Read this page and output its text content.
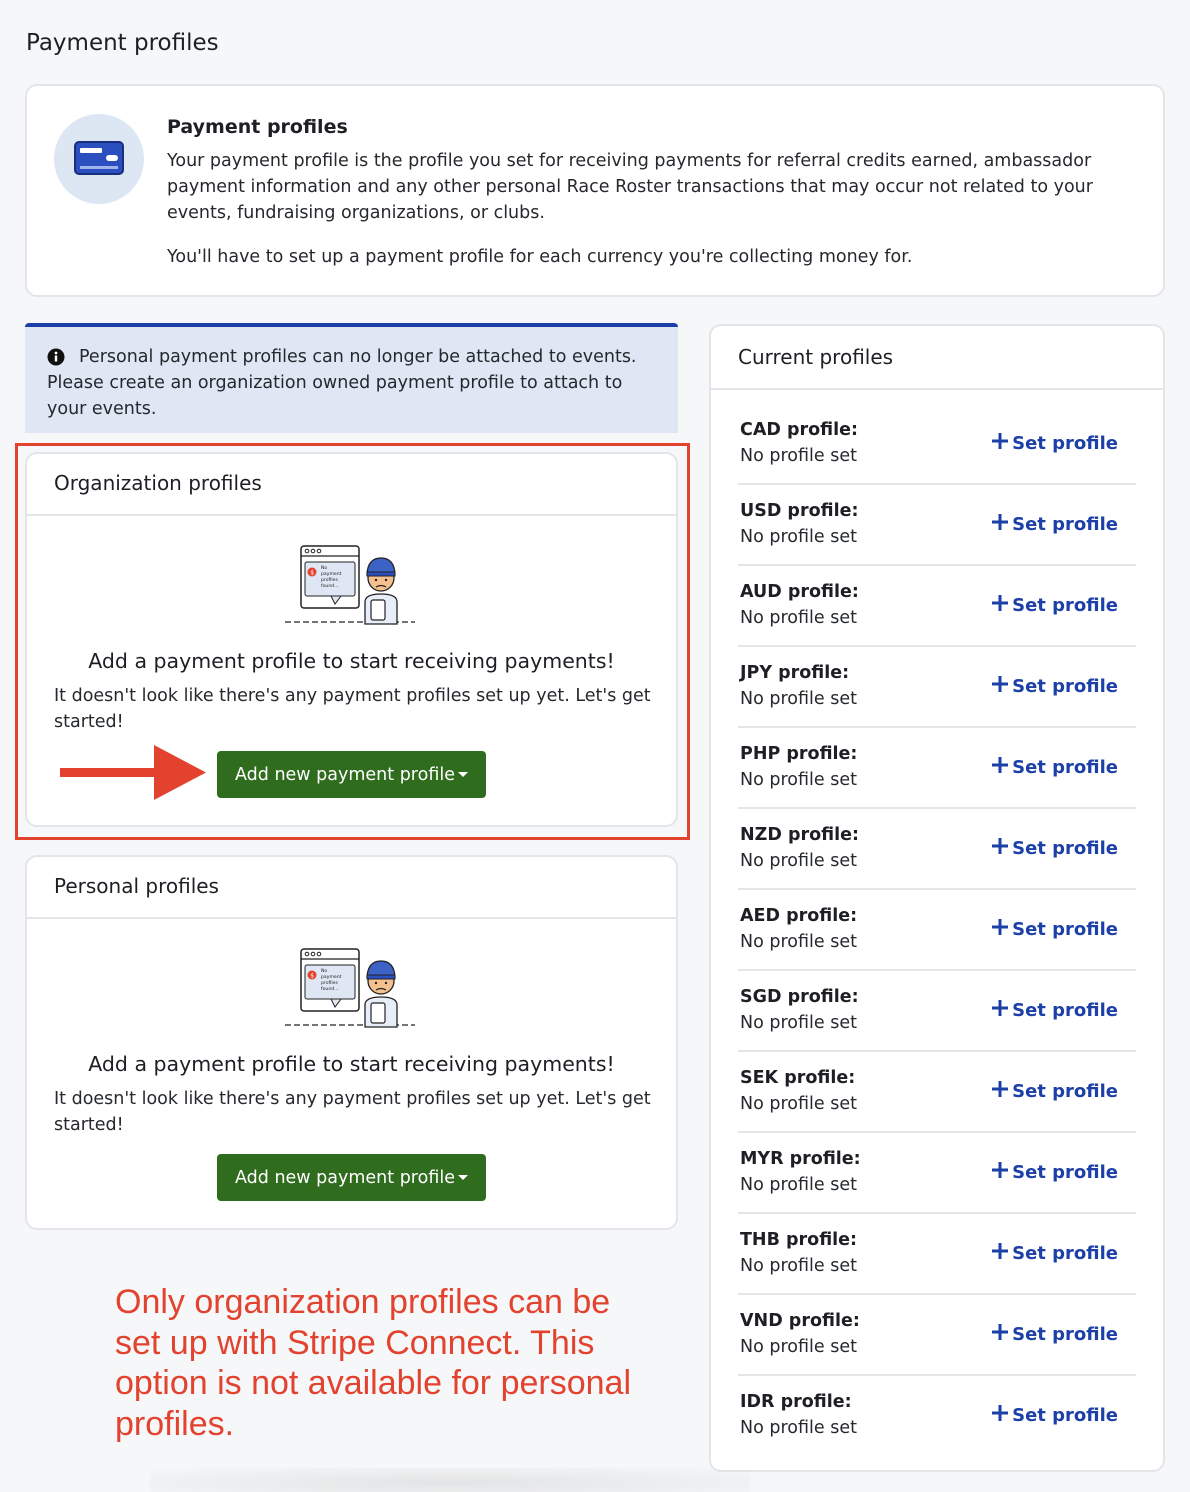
Payment profiles
Payment profiles

Your payment profile is the profile you set for receiving payments for referral credits earned, ambassador payment information and any other personal Race Roster transactions that may occur not related to your events, fundraising organizations, or clubs.

You'll have to set up a payment profile for each currency you're collecting money for.

Personal payment profiles can no longer be attached to events. Please create an organization owned payment profile to attach to your events.

Organization profiles
$
No
payment
profiles
found...
Add a payment profile to start receiving payments!

It doesn't look like there's any payment profiles set up yet. Let's get started!

Add new payment profile
Personal profiles
$
No
payment
profiles
found...
Add a payment profile to start receiving payments!

It doesn't look like there's any payment profiles set up yet. Let's get started!

Add new payment profile
Only organization profiles can be set up with Stripe Connect. This option is not available for personal profiles.
Current profiles
CAD profile:
No profile set
Set profile
USD profile:
No profile set
Set profile
AUD profile:
No profile set
Set profile
JPY profile:
No profile set
Set profile
PHP profile:
No profile set
Set profile
NZD profile:
No profile set
Set profile
AED profile:
No profile set
Set profile
SGD profile:
No profile set
Set profile
SEK profile:
No profile set
Set profile
MYR profile:
No profile set
Set profile
THB profile:
No profile set
Set profile
VND profile:
No profile set
Set profile
IDR profile:
No profile set
Set profile
